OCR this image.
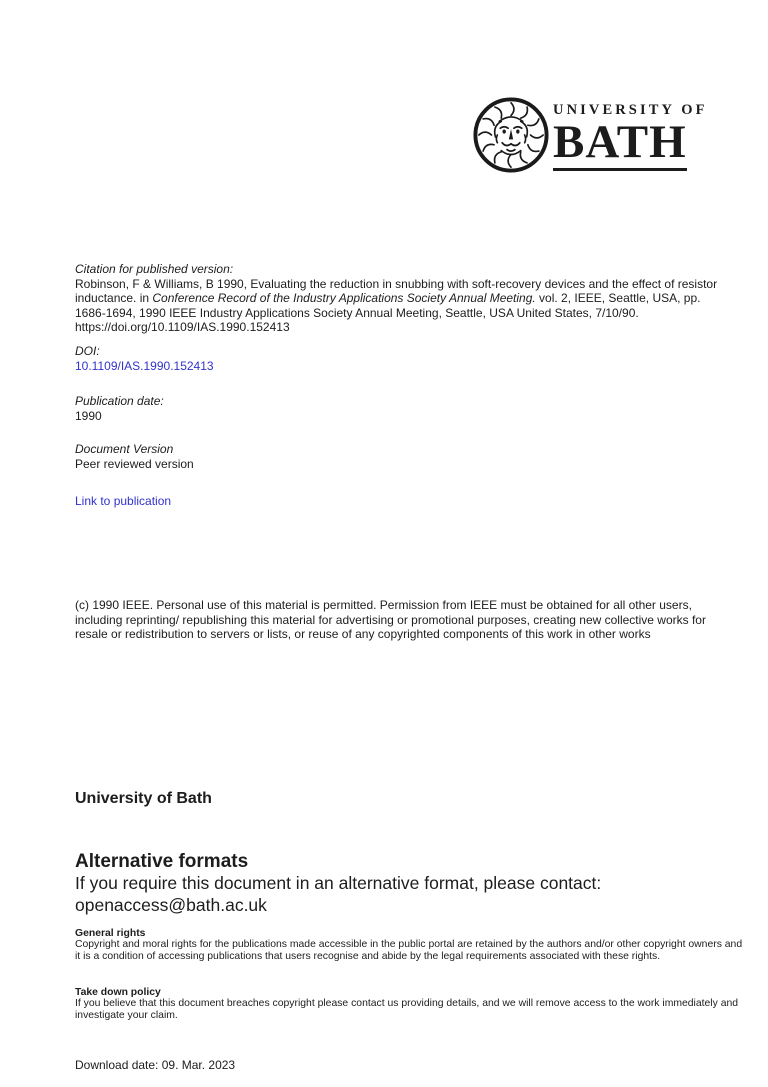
UNIVERSITY OF
BATH
Citation for published version:
Robinson, F & Williams, B 1990, Evaluating the reduction in snubbing with soft-recovery devices and the effect of resistor inductance. in Conference Record of the Industry Applications Society Annual Meeting. vol. 2, IEEE, Seattle, USA, pp. 1686-1694, 1990 IEEE Industry Applications Society Annual Meeting, Seattle, USA United States, 7/10/90. https://doi.org/10.1109/IAS.1990.152413
DOI:
10.1109/IAS.1990.152413
Publication date:
1990
Document Version
Peer reviewed version
Link to publication
(c) 1990 IEEE. Personal use of this material is permitted. Permission from IEEE must be obtained for all other users, including reprinting/ republishing this material for advertising or promotional purposes, creating new collective works for resale or redistribution to servers or lists, or reuse of any copyrighted components of this work in other works
University of Bath
Alternative formats
If you require this document in an alternative format, please contact:
openaccess@bath.ac.uk
General rights
Copyright and moral rights for the publications made accessible in the public portal are retained by the authors and/or other copyright owners and it is a condition of accessing publications that users recognise and abide by the legal requirements associated with these rights.
Take down policy
If you believe that this document breaches copyright please contact us providing details, and we will remove access to the work immediately and investigate your claim.
Download date: 09. Mar. 2023
